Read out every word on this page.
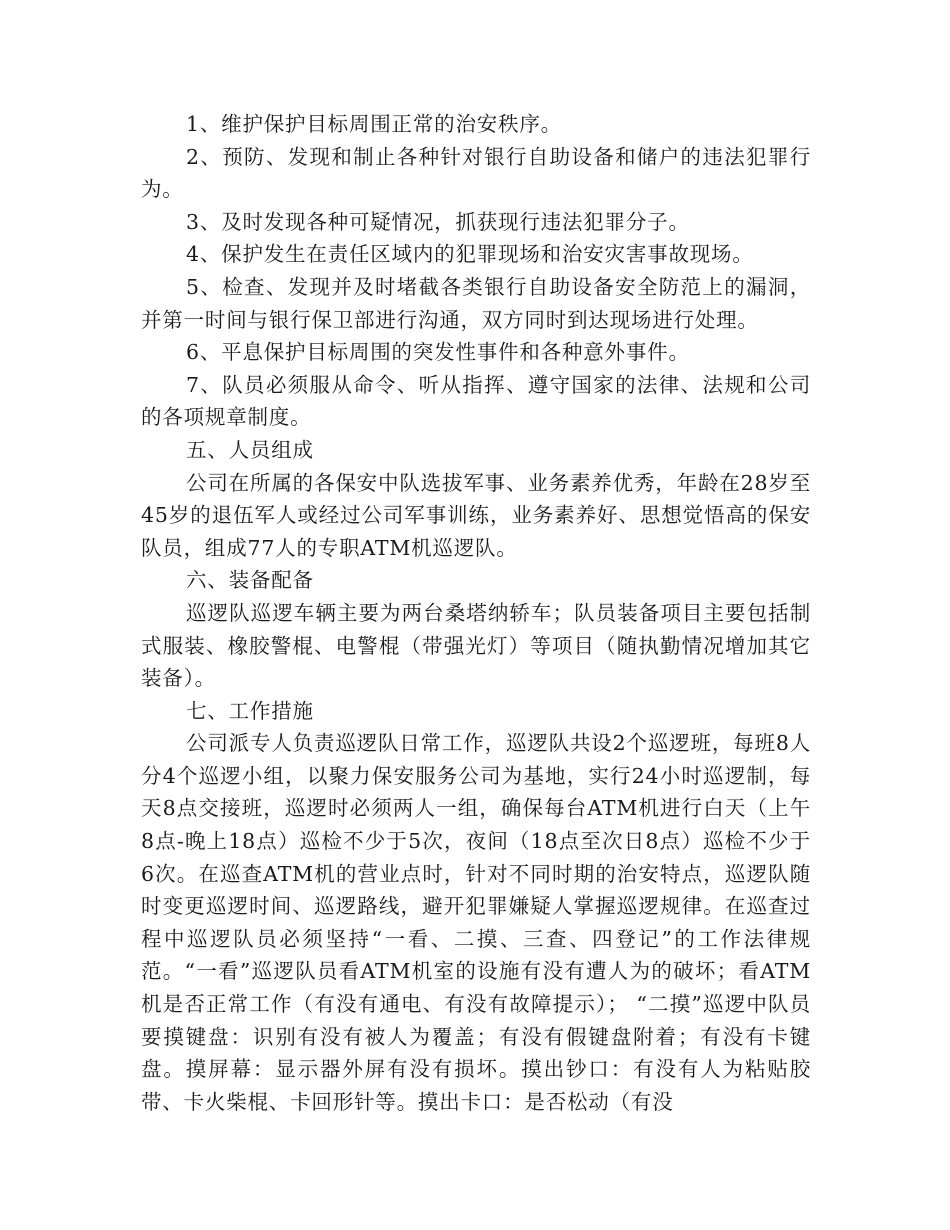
1、维护保护目标周围正常的治安秩序。

2、预防、发现和制止各种针对银行自助设备和储户的违法犯罪行为。

3、及时发现各种可疑情况，抓获现行违法犯罪分子。

4、保护发生在责任区域内的犯罪现场和治安灾害事故现场。

5、检查、发现并及时堵截各类银行自助设备安全防范上的漏洞，并第一时间与银行保卫部进行沟通，双方同时到达现场进行处理。

6、平息保护目标周围的突发性事件和各种意外事件。

7、队员必须服从命令、听从指挥、遵守国家的法律、法规和公司的各项规章制度。

五、人员组成

公司在所属的各保安中队选拔军事、业务素养优秀，年龄在28岁至45岁的退伍军人或经过公司军事训练，业务素养好、思想觉悟高的保安队员，组成77人的专职ATM机巡逻队。

六、装备配备

巡逻队巡逻车辆主要为两台桑塔纳轿车；队员装备项目主要包括制式服装、橡胶警棍、电警棍（带强光灯）等项目（随执勤情况增加其它装备）。

七、工作措施

公司派专人负责巡逻队日常工作，巡逻队共设2个巡逻班，每班8人分4个巡逻小组，以聚力保安服务公司为基地，实行24小时巡逻制，每天8点交接班，巡逻时必须两人一组，确保每台ATM机进行白天（上午8点-晚上18点）巡检不少于5次，夜间（18点至次日8点）巡检不少于6次。在巡查ATM机的营业点时，针对不同时期的治安特点，巡逻队随时变更巡逻时间、巡逻路线，避开犯罪嫌疑人掌握巡逻规律。在巡查过程中巡逻队员必须坚持“一看、二摸、三查、四登记”的工作法律规范。“一看”巡逻队员看ATM机室的设施有没有遭人为的破坏；看ATM机是否正常工作（有没有通电、有没有故障提示）； “二摸”巡逻中队员要摸键盘：识别有没有被人为覆盖；有没有假键盘附着；有没有卡键盘。摸屏幕：显示器外屏有没有损坏。摸出钞口：有没有人为粘贴胶带、卡火柴棍、卡回形针等。摸出卡口：是否松动（有没
